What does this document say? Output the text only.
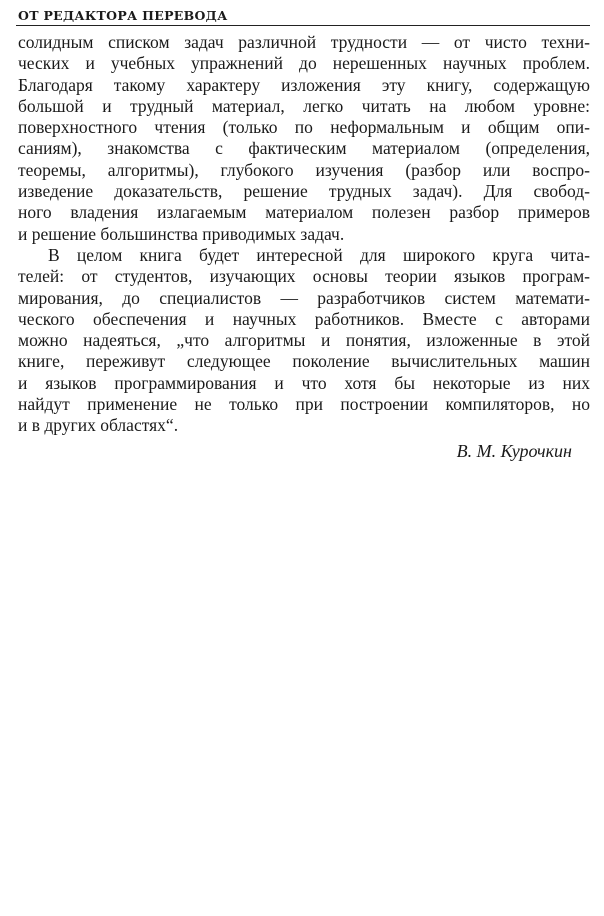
ОТ РЕДАКТОРА ПЕРЕВОДА
солидным списком задач различной трудности — от чисто техни-
ческих и учебных упражнений до нерешенных научных проблем.
Благодаря такому характеру изложения эту книгу, содержащую
большой и трудный материал, легко читать на любом уровне:
поверхностного чтения (только по неформальным и общим опи-
саниям), знакомства с фактическим материалом (определения,
теоремы, алгоритмы), глубокого изучения (разбор или воспро-
изведение доказательств, решение трудных задач). Для свобод-
ного владения излагаемым материалом полезен разбор примеров
и решение большинства приводимых задач.
В целом книга будет интересной для широкого круга чита-
телей: от студентов, изучающих основы теории языков програм-
мирования, до специалистов — разработчиков систем математи-
ческого обеспечения и научных работников. Вместе с авторами
можно надеяться, „что алгоритмы и понятия, изложенные в этой
книге, переживут следующее поколение вычислительных машин
и языков программирования и что хотя бы некоторые из них
найдут применение не только при построении компиляторов, но
и в других областях“.
В. М. Курочкин
